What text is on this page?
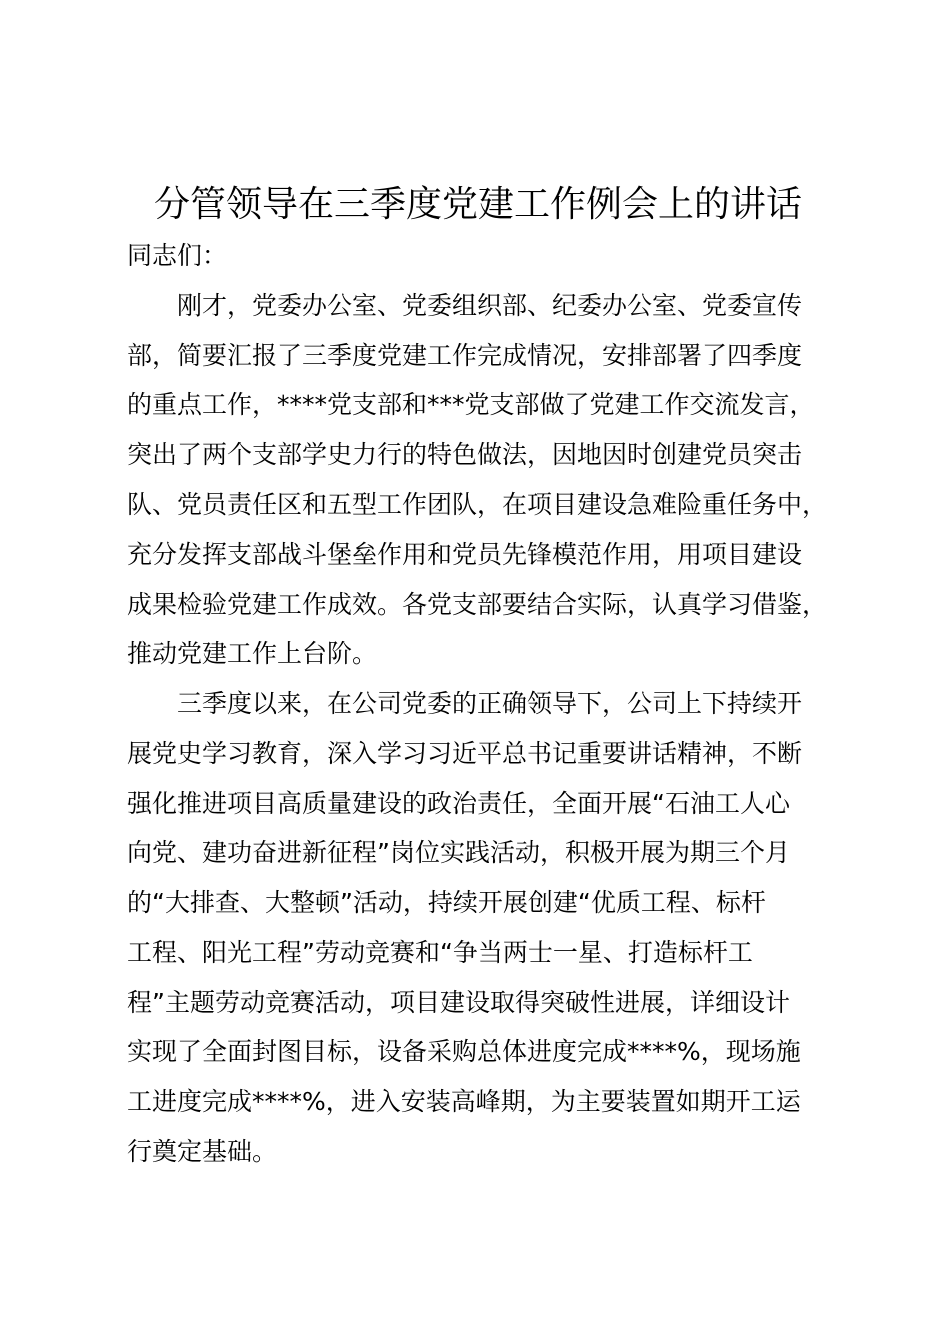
分管领导在三季度党建工作例会上的讲话
同志们：
刚才，党委办公室、党委组织部、纪委办公室、党委宣传
部，简要汇报了三季度党建工作完成情况，安排部署了四季度
的重点工作，****党支部和***党支部做了党建工作交流发言，
突出了两个支部学史力行的特色做法，因地因时创建党员突击
队、党员责任区和五型工作团队，在项目建设急难险重任务中，
充分发挥支部战斗堡垒作用和党员先锋模范作用，用项目建设
成果检验党建工作成效。各党支部要结合实际，认真学习借鉴，
推动党建工作上台阶。
三季度以来，在公司党委的正确领导下，公司上下持续开
展党史学习教育，深入学习习近平总书记重要讲话精神，不断
强化推进项目高质量建设的政治责任，全面开展“石油工人心
向党、建功奋进新征程”岗位实践活动，积极开展为期三个月
的“大排查、大整顿”活动，持续开展创建“优质工程、标杆
工程、阳光工程”劳动竞赛和“争当两士一星、打造标杆工
程”主题劳动竞赛活动，项目建设取得突破性进展，详细设计
实现了全面封图目标，设备采购总体进度完成****%，现场施
工进度完成****%，进入安装高峰期，为主要装置如期开工运
行奠定基础。
